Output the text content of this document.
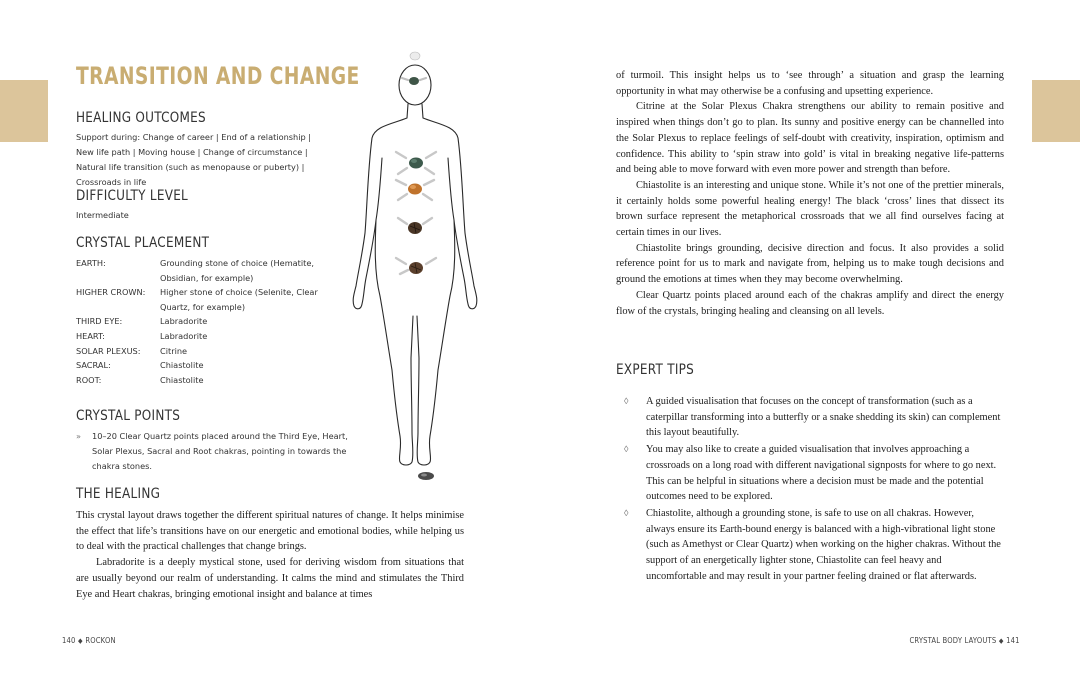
TRANSITION AND CHANGE
HEALING OUTCOMES

Support during: Change of career | End of a relationship | New life path | Moving house | Change of circumstance | Natural life transition (such as menopause or puberty) | Crossroads in life

DIFFICULTY LEVEL

Intermediate

CRYSTAL PLACEMENT
EARTH:	Grounding stone of choice (Hematite, Obsidian, for example)
HIGHER CROWN:	Higher stone of choice (Selenite, Clear Quartz, for example)
THIRD EYE:	Labradorite
HEART:	Labradorite
SOLAR PLEXUS:	Citrine
SACRAL:	Chiastolite
ROOT:	Chiastolite
CRYSTAL POINTS
» 10–20 Clear Quartz points placed around the Third Eye, Heart, Solar Plexus, Sacral and Root chakras, pointing in towards the chakra stones.

THE HEALING

This crystal layout draws together the different spiritual natures of change. It helps minimise the effect that life’s transitions have on our energetic and emotional bodies, while helping us to deal with the practical challenges that change brings.

Labradorite is a deeply mystical stone, used for deriving wisdom from situations that are usually beyond our realm of understanding. It calms the mind and stimulates the Third Eye and Heart chakras, bringing emotional insight and balance at times

140 ◆ ROCKON

of turmoil. This insight helps us to ‘see through’ a situation and grasp the learning opportunity in what may otherwise be a confusing and upsetting experience.

Citrine at the Solar Plexus Chakra strengthens our ability to remain positive and inspired when things don’t go to plan. Its sunny and positive energy can be channelled into the Solar Plexus to replace feelings of self-doubt with creativity, inspiration, optimism and confidence. This ability to ‘spin straw into gold’ is vital in breaking negative life-patterns and being able to move forward with even more power and strength than before.

Chiastolite is an interesting and unique stone. While it’s not one of the prettier minerals, it certainly holds some powerful healing energy! The black ‘cross’ lines that dissect its brown surface represent the metaphorical crossroads that we all find ourselves facing at certain times in our lives.

Chiastolite brings grounding, decisive direction and focus. It also provides a solid reference point for us to mark and navigate from, helping us to make tough decisions and ground the emotions at times when they may become overwhelming.

Clear Quartz points placed around each of the chakras amplify and direct the energy flow of the crystals, bringing healing and cleansing on all levels.

EXPERT TIPS
◊ A guided visualisation that focuses on the concept of transformation (such as a caterpillar transforming into a butterfly or a snake shedding its skin) can complement this layout beautifully.
◊ You may also like to create a guided visualisation that involves approaching a crossroads on a long road with different navigational signposts for where to go next. This can be helpful in situations where a decision must be made and the potential outcomes need to be explored.
◊ Chiastolite, although a grounding stone, is safe to use on all chakras. However, always ensure its Earth-bound energy is balanced with a high-vibrational light stone (such as Amethyst or Clear Quartz) when working on the higher chakras. Without the support of an energetically lighter stone, Chiastolite can feel heavy and uncomfortable and may result in your partner feeling drained or flat afterwards.
CRYSTAL BODY LAYOUTS ◆ 141
